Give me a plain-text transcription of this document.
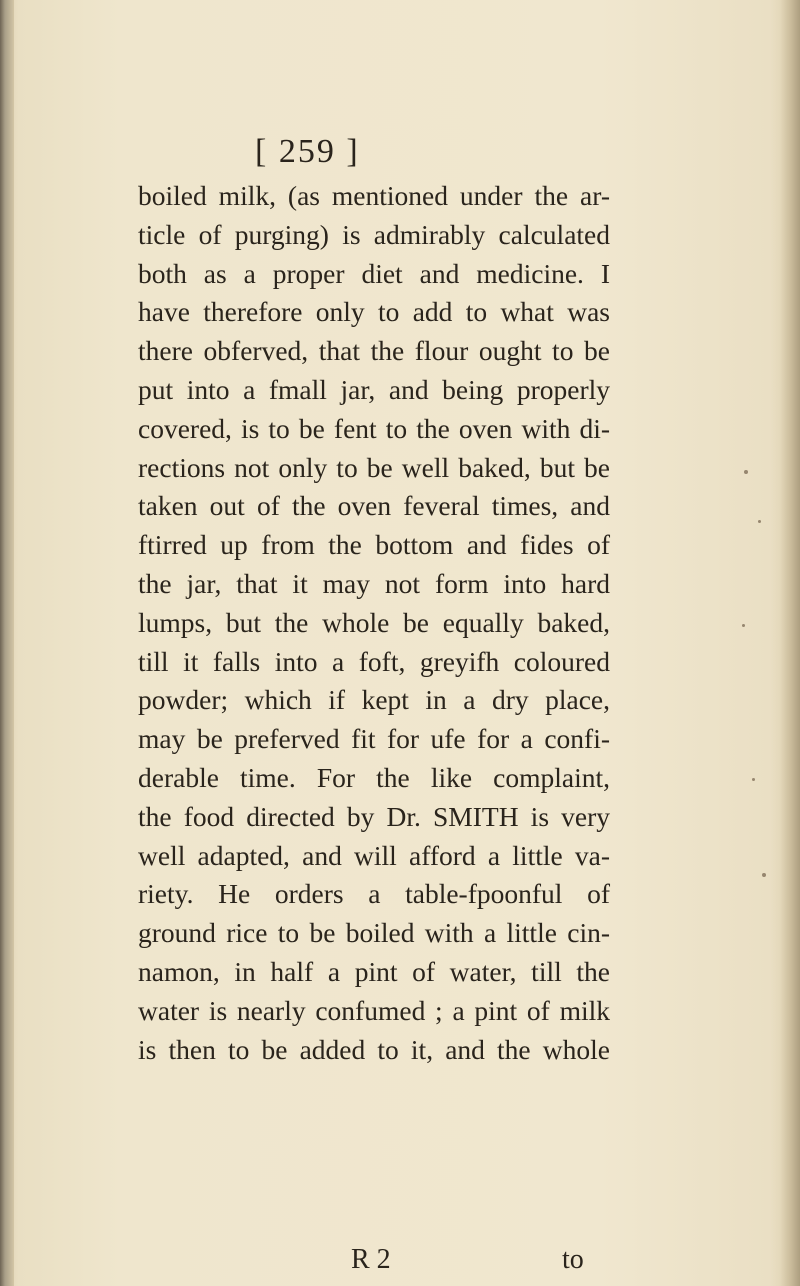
[ 259 ]
boiled milk, (as mentioned under the ar-
ticle of purging) is admirably calculated
both as a proper diet and medicine. I
have therefore only to add to what was
there obferved, that the flour ought to be
put into a fmall jar, and being properly
covered, is to be fent to the oven with di-
rections not only to be well baked, but be
taken out of the oven feveral times, and
ftirred up from the bottom and fides of
the jar, that it may not form into hard
lumps, but the whole be equally baked,
till it falls into a foft, greyifh coloured
powder; which if kept in a dry place,
may be preferved fit for ufe for a confi-
derable time. For the like complaint,
the food directed by Dr. SMITH is very
well adapted, and will afford a little va-
riety. He orders a table-fpoonful of
ground rice to be boiled with a little cin-
namon, in half a pint of water, till the
water is nearly confumed ; a pint of milk
is then to be added to it, and the whole
R 2	to
